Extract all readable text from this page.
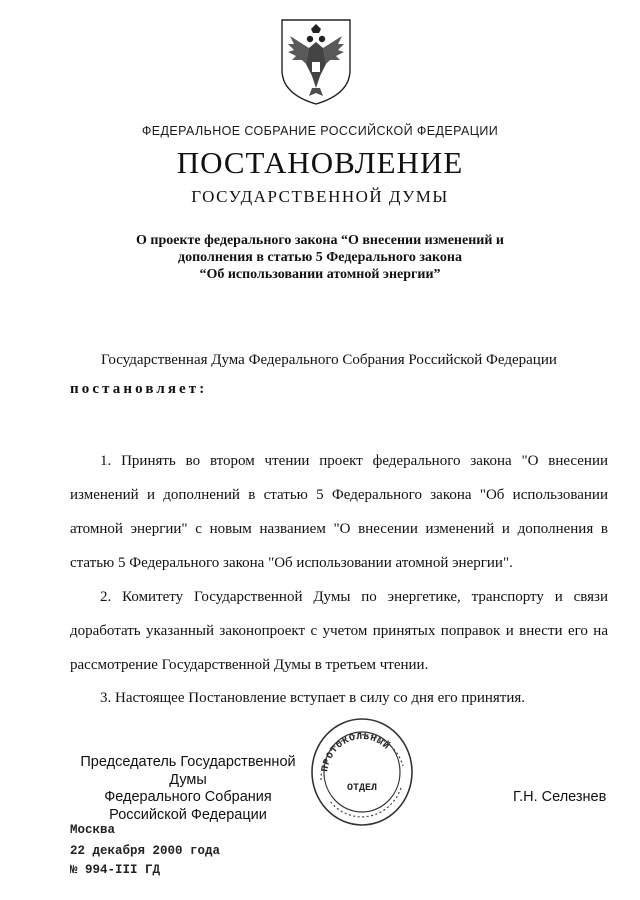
ФЕДЕРАЛЬНОЕ СОБРАНИЕ РОССИЙСКОЙ ФЕДЕРАЦИИ
ПОСТАНОВЛЕНИЕ
ГОСУДАРСТВЕННОЙ ДУМЫ
О проекте федерального закона “О внесении изменений и
дополнения в статью 5 Федерального закона
“Об использовании атомной энергии”
Государственная Дума Федерального Собрания Российской Федерации
постановляет:
1. Принять во втором чтении проект федерального закона "О внесении изменений и дополнений в статью 5 Федерального закона "Об использовании атомной энергии" с новым названием "О внесении изменений и дополнения в статью 5 Федерального закона "Об использовании атомной энергии".
2. Комитету Государственной Думы по энергетике, транспорту и связи доработать указанный законопроект с учетом принятых поправок и внести его на рассмотрение Государственной Думы в третьем чтении.
3. Настоящее Постановление вступает в силу со дня его принятия.
Председатель Государственной Думы
Федерального Собрания
Российской Федерации
ПРОТОКОЛЬНЫЙ
ОТДЕЛ
Г.Н. Селезнев
Москва
22 декабря 2000 года
№ 994-III ГД
